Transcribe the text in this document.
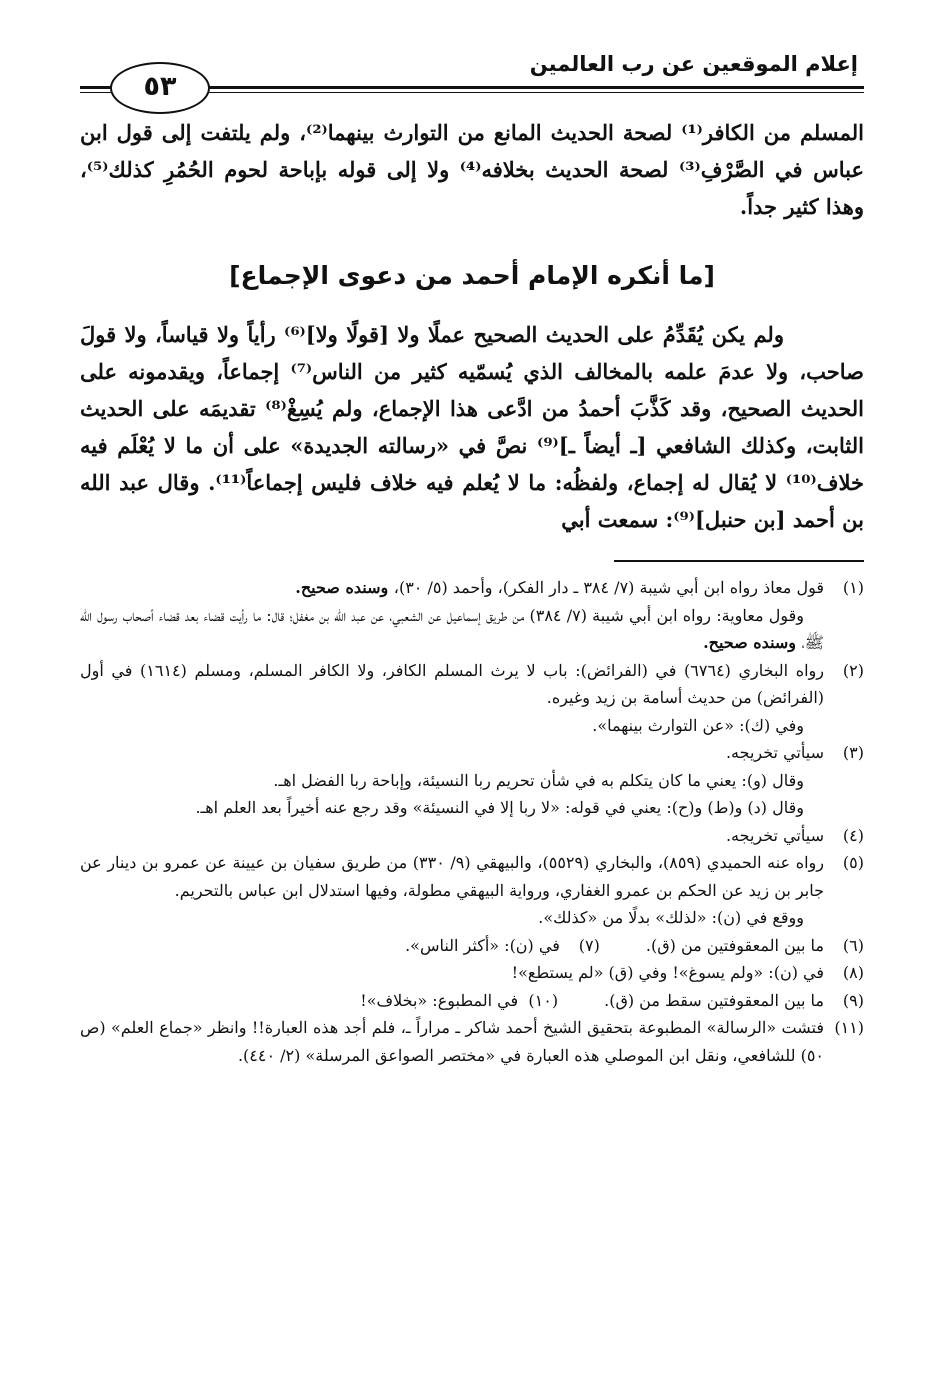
إعلام الموقعين عن رب العالمين
٥٣

المسلم من الكافر⁽¹⁾ لصحة الحديث المانع من التوارث بينهما⁽²⁾، ولم يلتفت إلى قول ابن عباس في الصَّرْفِ⁽³⁾ لصحة الحديث بخلافه⁽⁴⁾ ولا إلى قوله بإباحة لحوم الحُمُرِ كذلك⁽⁵⁾، وهذا كثير جداً.

[ما أنكره الإمام أحمد من دعوى الإجماع]

ولم يكن يُقَدِّمُ على الحديث الصحيح عملًا ولا [قولًا ولا]⁽⁶⁾ رأياً ولا قياساً، ولا قولَ صاحب، ولا عدمَ علمه بالمخالف الذي يُسمّيه كثير من الناس⁽⁷⁾ إجماعاً، ويقدمونه على الحديث الصحيح، وقد كَذَّبَ أحمدُ من ادَّعى هذا الإجماع، ولم يُسِغْ⁽⁸⁾ تقديمَه على الحديث الثابت، وكذلك الشافعي [ـ أيضاً ـ]⁽⁹⁾ نصَّ في «رسالته الجديدة» على أن ما لا يُعْلَم فيه خلاف⁽¹⁰⁾ لا يُقال له إجماع، ولفظُه: ما لا يُعلم فيه خلاف فليس إجماعاً⁽¹¹⁾. وقال عبد الله بن أحمد [بن حنبل]⁽⁹⁾: سمعت أبي

(١)
قول معاذ رواه ابن أبي شيبة (٧/ ٣٨٤ ـ دار الفكر)، وأحمد (٥/ ٣٠)، وسنده صحيح.
وقول معاوية: رواه ابن أبي شيبة (٧/ ٣٨٤) من طريق إسماعيل عن الشعبي، عن عبد الله بن مغفل؛ قال: ما رأيت قضاء بعد قضاء أصحاب رسول الله ﷺ، وسنده صحيح.
(٢)
رواه البخاري (٦٧٦٤) في (الفرائض): باب لا يرث المسلم الكافر، ولا الكافر المسلم، ومسلم (١٦١٤) في أول (الفرائض) من حديث أسامة بن زيد وغيره.
وفي (ك): «عن التوارث بينهما».
(٣)
سيأتي تخريجه.
وقال (و): يعني ما كان يتكلم به في شأن تحريم ربا النسيئة، وإباحة ربا الفضل اهـ.
وقال (د) و(ط) و(ح): يعني في قوله: «لا ربا إلا في النسيئة» وقد رجع عنه أخيراً بعد العلم اهـ.
(٤)
سيأتي تخريجه.
(٥)
رواه عنه الحميدي (٨٥٩)، والبخاري (٥٥٢٩)، والبيهقي (٩/ ٣٣٠) من طريق سفيان بن عيينة عن عمرو بن دينار عن جابر بن زيد عن الحكم بن عمرو الغفاري، ورواية البيهقي مطولة، وفيها استدلال ابن عباس بالتحريم.
ووقع في (ن): «لذلك» بدلًا من «كذلك».
(٦)
ما بين المعقوفتين من (ق).
(٧)
في (ن): «أكثر الناس».
(٨)
في (ن): «ولم يسوغ»! وفي (ق) «لم يستطع»!
(٩)
ما بين المعقوفتين سقط من (ق).
(١٠)
في المطبوع: «بخلاف»!
(١١)
فتشت «الرسالة» المطبوعة بتحقيق الشيخ أحمد شاكر ـ مراراً ـ، فلم أجد هذه العبارة!! وانظر «جماع العلم» (ص ٥٠) للشافعي، ونقل ابن الموصلي هذه العبارة في «مختصر الصواعق المرسلة» (٢/ ٤٤٠).
